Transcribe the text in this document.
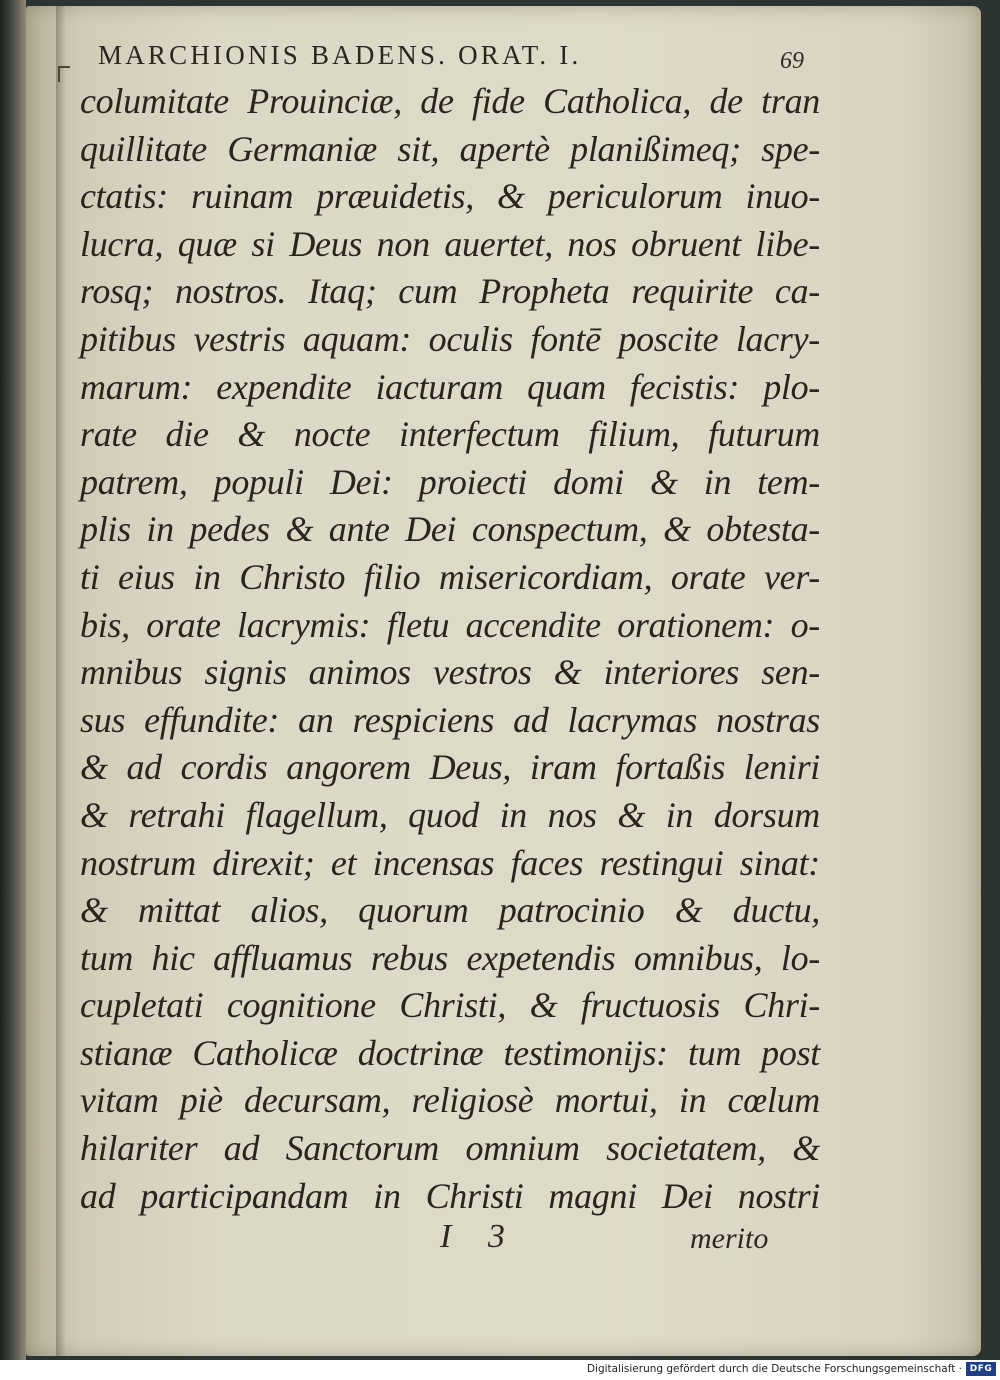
MARCHIONIS BADENS. ORAT. I.	69
columitate Prouinciæ, de fide Catholica, de tran
quillitate Germaniæ sit, apertè planißimeq; spe-
ctatis: ruinam præuidetis, & periculorum inuo-
lucra, quæ si Deus non auertet, nos obruent libe-
rosq; nostros. Itaq; cum Propheta requirite ca-
pitibus vestris aquam: oculis fontē poscite lacry-
marum: expendite iacturam quam fecistis: plo-
rate die & nocte interfectum filium, futurum
patrem, populi Dei: proiecti domi & in tem-
plis in pedes & ante Dei conspectum, & obtesta-
ti eius in Christo filio misericordiam, orate ver-
bis, orate lacrymis: fletu accendite orationem: o-
mnibus signis animos vestros & interiores sen-
sus effundite: an respiciens ad lacrymas nostras
& ad cordis angorem Deus, iram fortaßis leniri
& retrahi flagellum, quod in nos & in dorsum
nostrum direxit; et incensas faces restingui sinat:
& mittat alios, quorum patrocinio & ductu,
tum hic affluamus rebus expetendis omnibus, lo-
cupletati cognitione Christi, & fructuosis Chri-
stianæ Catholicæ doctrinæ testimonijs: tum post
vitam piè decursam, religiosè mortui, in cœlum
hilariter ad Sanctorum omnium societatem, &
ad participandam in Christi magni Dei nostri
I 3	merito
Digitalisierung gefördert durch die Deutsche Forschungsgemeinschaft · DFG
